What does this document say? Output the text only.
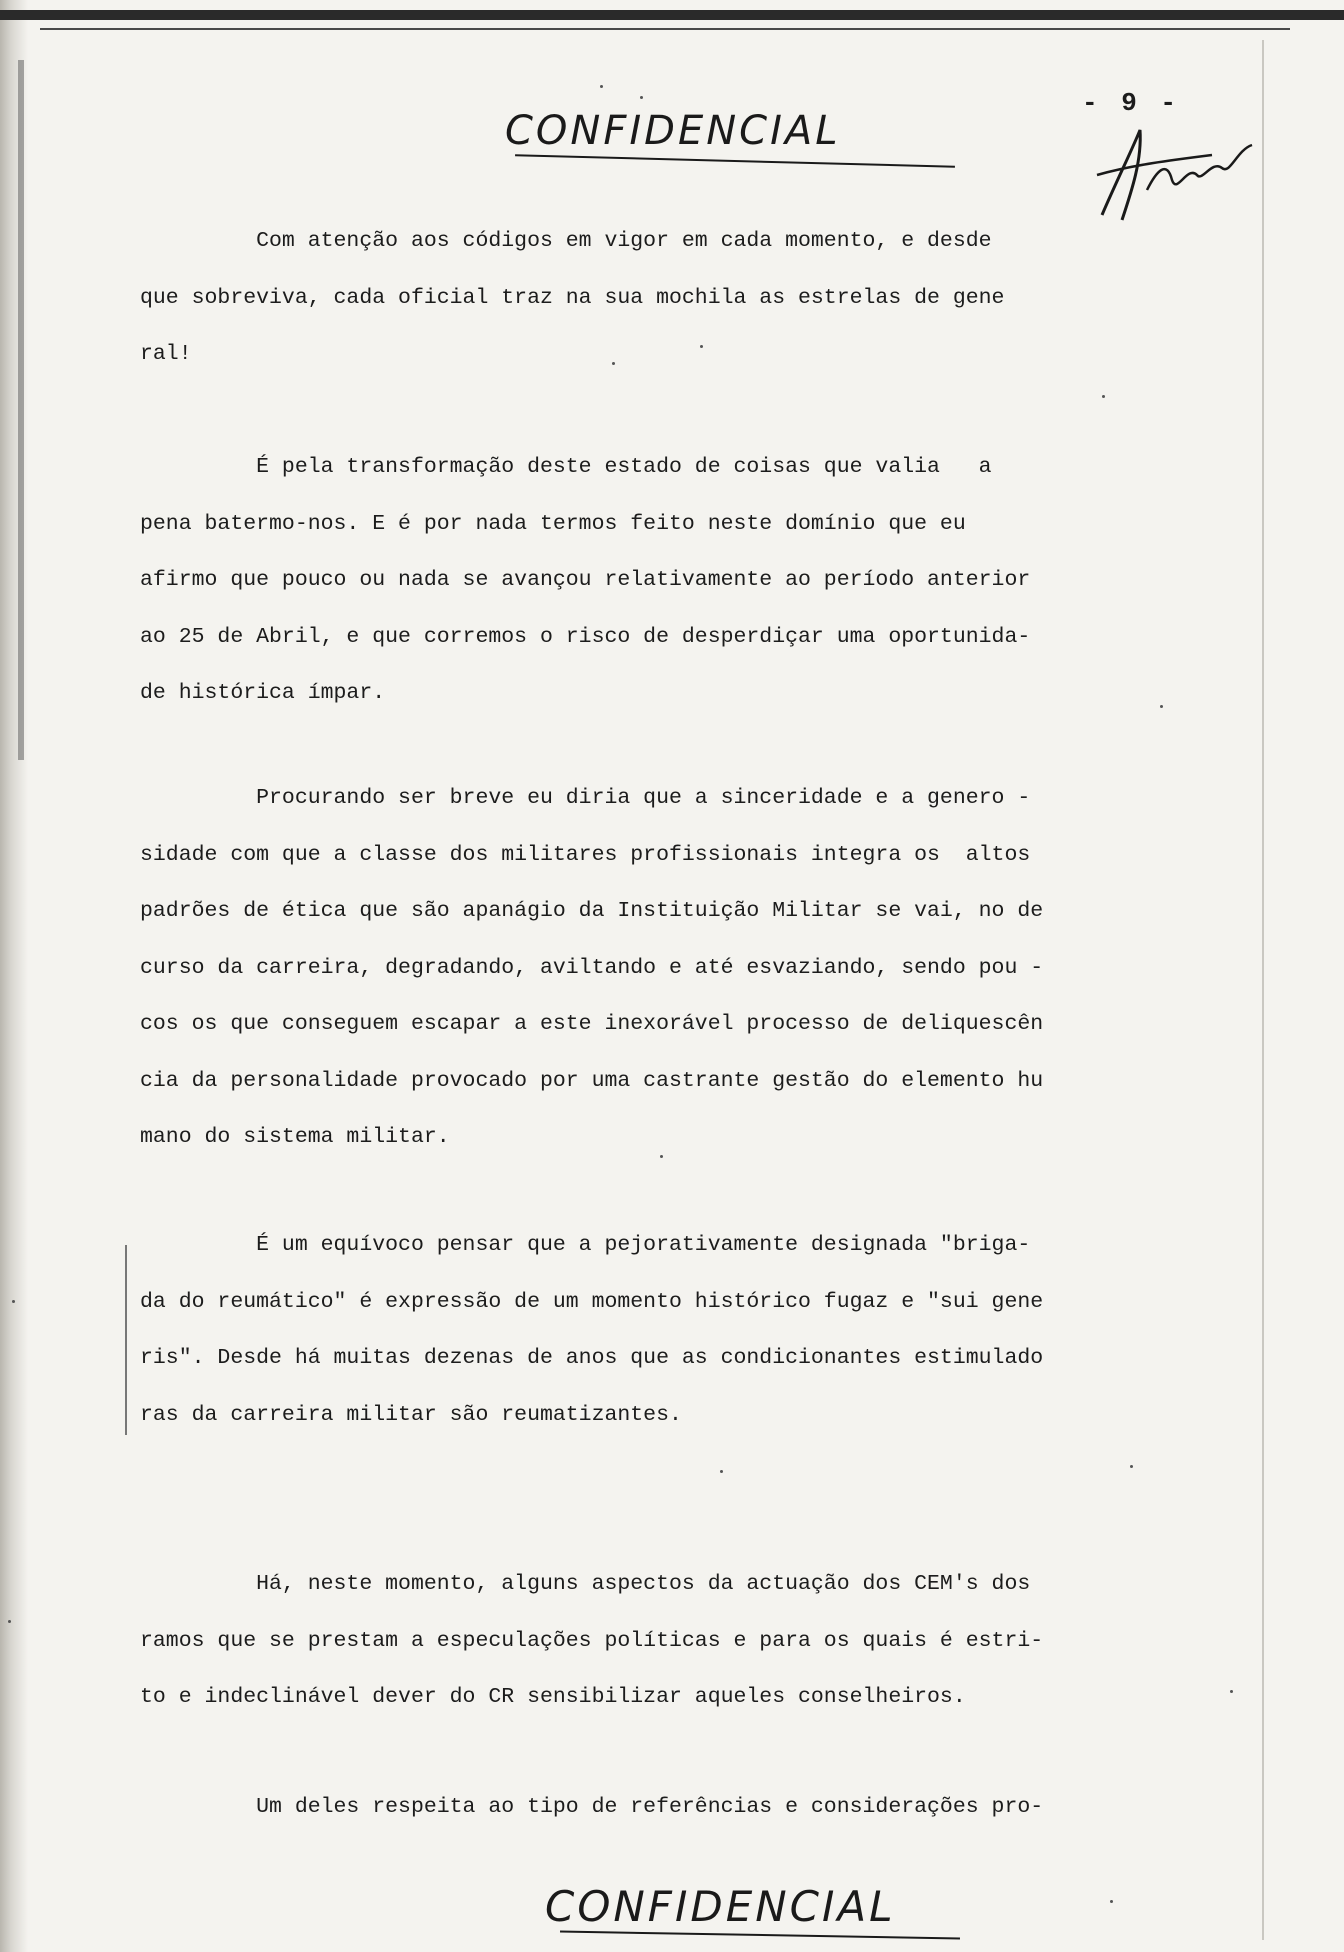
CONFIDENCIAL
- 9 -
Com atenção aos códigos em vigor em cada momento, e desde
que sobreviva, cada oficial traz na sua mochila as estrelas de gene
ral!
É pela transformação deste estado de coisas que valia   a
pena batermo-nos. E é por nada termos feito neste domínio que eu
afirmo que pouco ou nada se avançou relativamente ao período anterior
ao 25 de Abril, e que corremos o risco de desperdiçar uma oportunida-
de histórica ímpar.
Procurando ser breve eu diria que a sinceridade e a genero -
sidade com que a classe dos militares profissionais integra os  altos
padrões de ética que são apanágio da Instituição Militar se vai, no de
curso da carreira, degradando, aviltando e até esvaziando, sendo pou -
cos os que conseguem escapar a este inexorável processo de deliquescên
cia da personalidade provocado por uma castrante gestão do elemento hu
mano do sistema militar.
É um equívoco pensar que a pejorativamente designada "briga-
da do reumático" é expressão de um momento histórico fugaz e "sui gene
ris". Desde há muitas dezenas de anos que as condicionantes estimulado
ras da carreira militar são reumatizantes.
Há, neste momento, alguns aspectos da actuação dos CEM's dos
ramos que se prestam a especulações políticas e para os quais é estri-
to e indeclinável dever do CR sensibilizar aqueles conselheiros.
Um deles respeita ao tipo de referências e considerações pro-
CONFIDENCIAL
